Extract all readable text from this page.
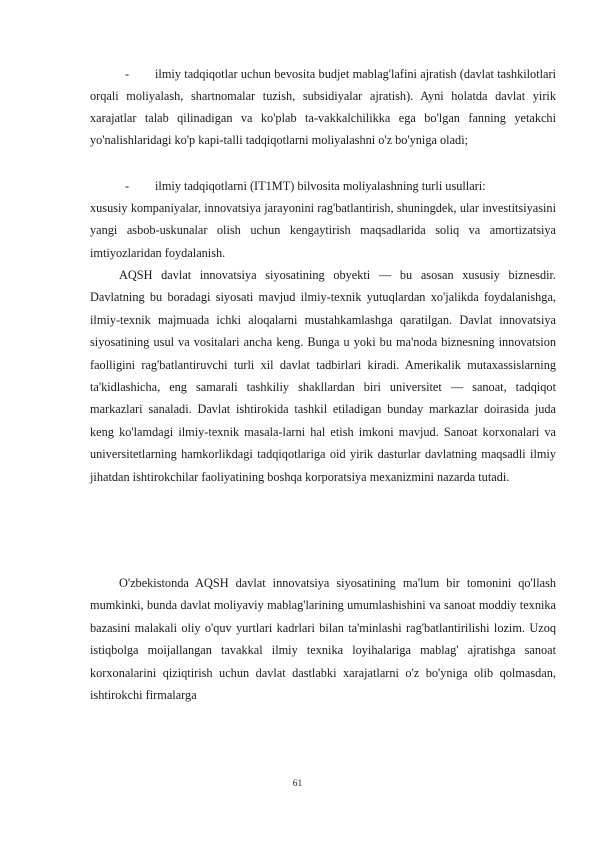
-	ilmiy tadqiqotlar uchun bevosita budjet mablag'lafini ajratish (davlat tashkilotlari orqali moliyalash, shartnomalar tuzish, subsidiyalar ajratish). Ayni holatda davlat yirik xarajatlar talab qilinadigan va ko'plab ta-vakkalchilikka ega bo'lgan fanning yetakchi yo'nalishlaridagi ko'p kapi-talli tadqiqotlarni moliyalashni o'z bo'yniga oladi;
- ilmiy tadqiqotlarni (IT1MT) bilvosita moliyalashning turli usullari:

xususiy kompaniyalar, innovatsiya jarayonini rag'batlantirish, shuningdek, ular investitsiyasini yangi asbob-uskunalar olish uchun kengaytirish maqsadlarida soliq va amortizatsiya imtiyozlaridan foydalanish.

AQSH davlat innovatsiya siyosatining obyekti — bu asosan xususiy biznesdir. Davlatning bu boradagi siyosati mavjud ilmiy-texnik yutuqlardan xo'jalikda foydalanishga, ilmiy-texnik majmuada ichki aloqalarni mustahkamlashga qaratilgan. Davlat innovatsiya siyosatining usul va vositalari ancha keng. Bunga u yoki bu ma'noda biznesning innovatsion faolligini rag'batlantiruvchi turli xil davlat tadbirlari kiradi. Amerikalik mutaxassislarning ta'kidlashicha, eng samarali tashkiliy shakllardan biri universitet — sanoat, tadqiqot markazlari sanaladi. Davlat ishtirokida tashkil etiladigan bunday markazlar doirasida juda keng ko'lamdagi ilmiy-texnik masala-larni hal etish imkoni mavjud. Sanoat korxonalari va universitetlarning hamkorlikdagi tadqiqotlariga oid yirik dasturlar davlatning maqsadli ilmiy jihatdan ishtirokchilar faoliyatining boshqa korporatsiya mexanizmini nazarda tutadi.

O'zbekistonda AQSH davlat innovatsiya siyosatining ma'lum bir tomonini qo'llash mumkinki, bunda davlat moliyaviy mablag'larining umumlashishini va sanoat moddiy texnika bazasini malakali oliy o'quv yurtlari kadrlari bilan ta'minlashi rag'batlantirilishi lozim. Uzoq istiqbolga moijallangan tavakkal ilmiy texnika loyihalariga mablag' ajratishga sanoat korxonalarini qiziqtirish uchun davlat dastlabki xarajatlarni o'z bo'yniga olib qolmasdan, ishtirokchi firmalarga

61
